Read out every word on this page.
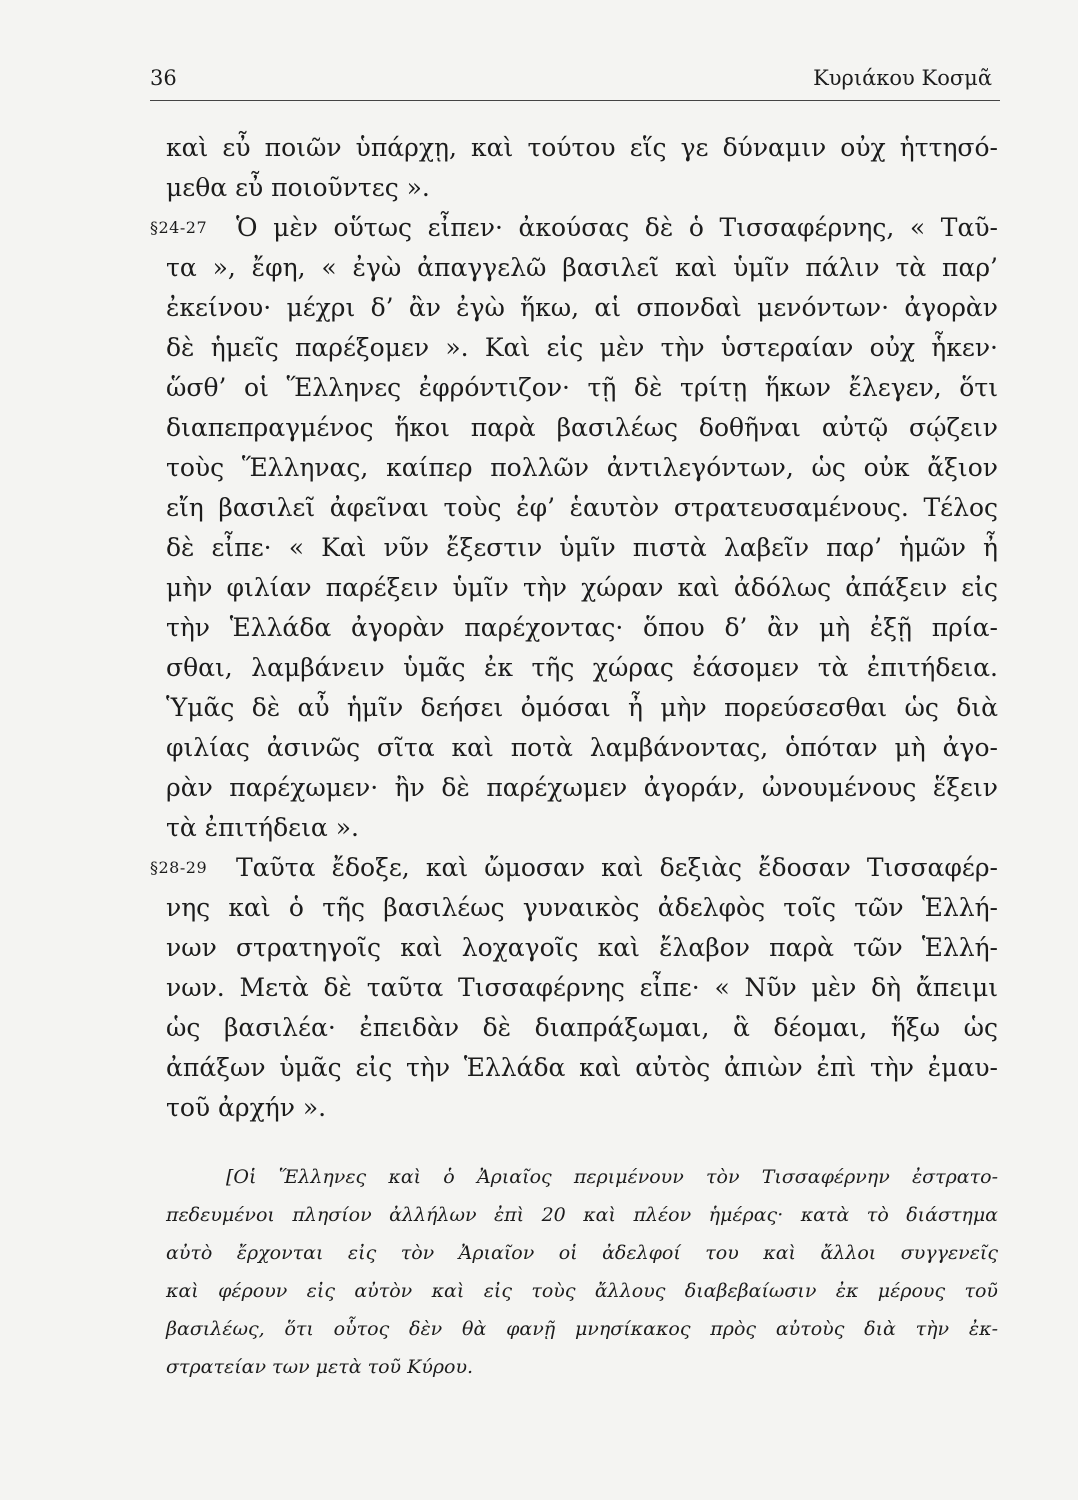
36	Κυριάκου Κοσμᾶ
καὶ εὖ ποιῶν ὑπάρχῃ, καὶ τούτου εἵς γε δύναμιν οὐχ ἡττησό-
μεθα εὖ ποιοῦντες ».
§24-27 Ὁ μὲν οὕτως εἶπεν· ἀκούσας δὲ ὁ Τισσαφέρνης, « Ταῦ-
τα », ἔφη, « ἐγὼ ἀπαγγελῶ βασιλεῖ καὶ ὑμῖν πάλιν τὰ παρ’
ἐκείνου· μέχρι δ’ ἂν ἐγὼ ἥκω, αἱ σπονδαὶ μενόντων· ἀγορὰν
δὲ ἡμεῖς παρέξομεν ». Καὶ εἰς μὲν τὴν ὑστεραίαν οὐχ ἧκεν·
ὥσθ’ οἱ Ἕλληνες ἐφρόντιζον· τῇ δὲ τρίτῃ ἥκων ἔλεγεν, ὅτι
διαπεπραγμένος ἥκοι παρὰ βασιλέως δοθῆναι αὐτῷ σῴζειν
τοὺς Ἕλληνας, καίπερ πολλῶν ἀντιλεγόντων, ὡς οὐκ ἄξιον
εἴη βασιλεῖ ἀφεῖναι τοὺς ἐφ’ ἑαυτὸν στρατευσαμένους. Τέλος
δὲ εἶπε· « Καὶ νῦν ἔξεστιν ὑμῖν πιστὰ λαβεῖν παρ’ ἡμῶν ἦ
μὴν φιλίαν παρέξειν ὑμῖν τὴν χώραν καὶ ἀδόλως ἀπάξειν εἰς
τὴν Ἑλλάδα ἀγορὰν παρέχοντας· ὅπου δ’ ἂν μὴ ἐξῇ πρία-
σθαι, λαμβάνειν ὑμᾶς ἐκ τῆς χώρας ἐάσομεν τὰ ἐπιτήδεια.
Ὑμᾶς δὲ αὖ ἡμῖν δεήσει ὀμόσαι ἦ μὴν πορεύσεσθαι ὡς διὰ
φιλίας ἀσινῶς σῖτα καὶ ποτὰ λαμβάνοντας, ὁπόταν μὴ ἀγο-
ρὰν παρέχωμεν· ἢν δὲ παρέχωμεν ἀγοράν, ὠνουμένους ἕξειν
τὰ ἐπιτήδεια ».
§28-29 Ταῦτα ἔδοξε, καὶ ὤμοσαν καὶ δεξιὰς ἔδοσαν Τισσαφέρ-
νης καὶ ὁ τῆς βασιλέως γυναικὸς ἀδελφὸς τοῖς τῶν Ἑλλή-
νων στρατηγοῖς καὶ λοχαγοῖς καὶ ἔλαβον παρὰ τῶν Ἑλλή-
νων. Μετὰ δὲ ταῦτα Τισσαφέρνης εἶπε· « Νῦν μὲν δὴ ἄπειμι
ὡς βασιλέα· ἐπειδὰν δὲ διαπράξωμαι, ἃ δέομαι, ἥξω ὡς
ἀπάξων ὑμᾶς εἰς τὴν Ἑλλάδα καὶ αὐτὸς ἀπιὼν ἐπὶ τὴν ἐμαυ-
τοῦ ἀρχήν ».
[Οἱ Ἕλληνες καὶ ὁ Ἀριαῖος περιμένουν τὸν Τισσαφέρνην ἐστρατο-
πεδευμένοι πλησίον ἀλλήλων ἐπὶ 20 καὶ πλέον ἡμέρας· κατὰ τὸ διάστημα
αὐτὸ ἔρχονται εἰς τὸν Ἀριαῖον οἱ ἀδελφοί του καὶ ἄλλοι συγγενεῖς
καὶ φέρουν εἰς αὐτὸν καὶ εἰς τοὺς ἄλλους διαβεβαίωσιν ἐκ μέρους τοῦ
βασιλέως, ὅτι οὗτος δὲν θὰ φανῇ μνησίκακος πρὸς αὐτοὺς διὰ τὴν ἐκ-
στρατείαν των μετὰ τοῦ Κύρου.
